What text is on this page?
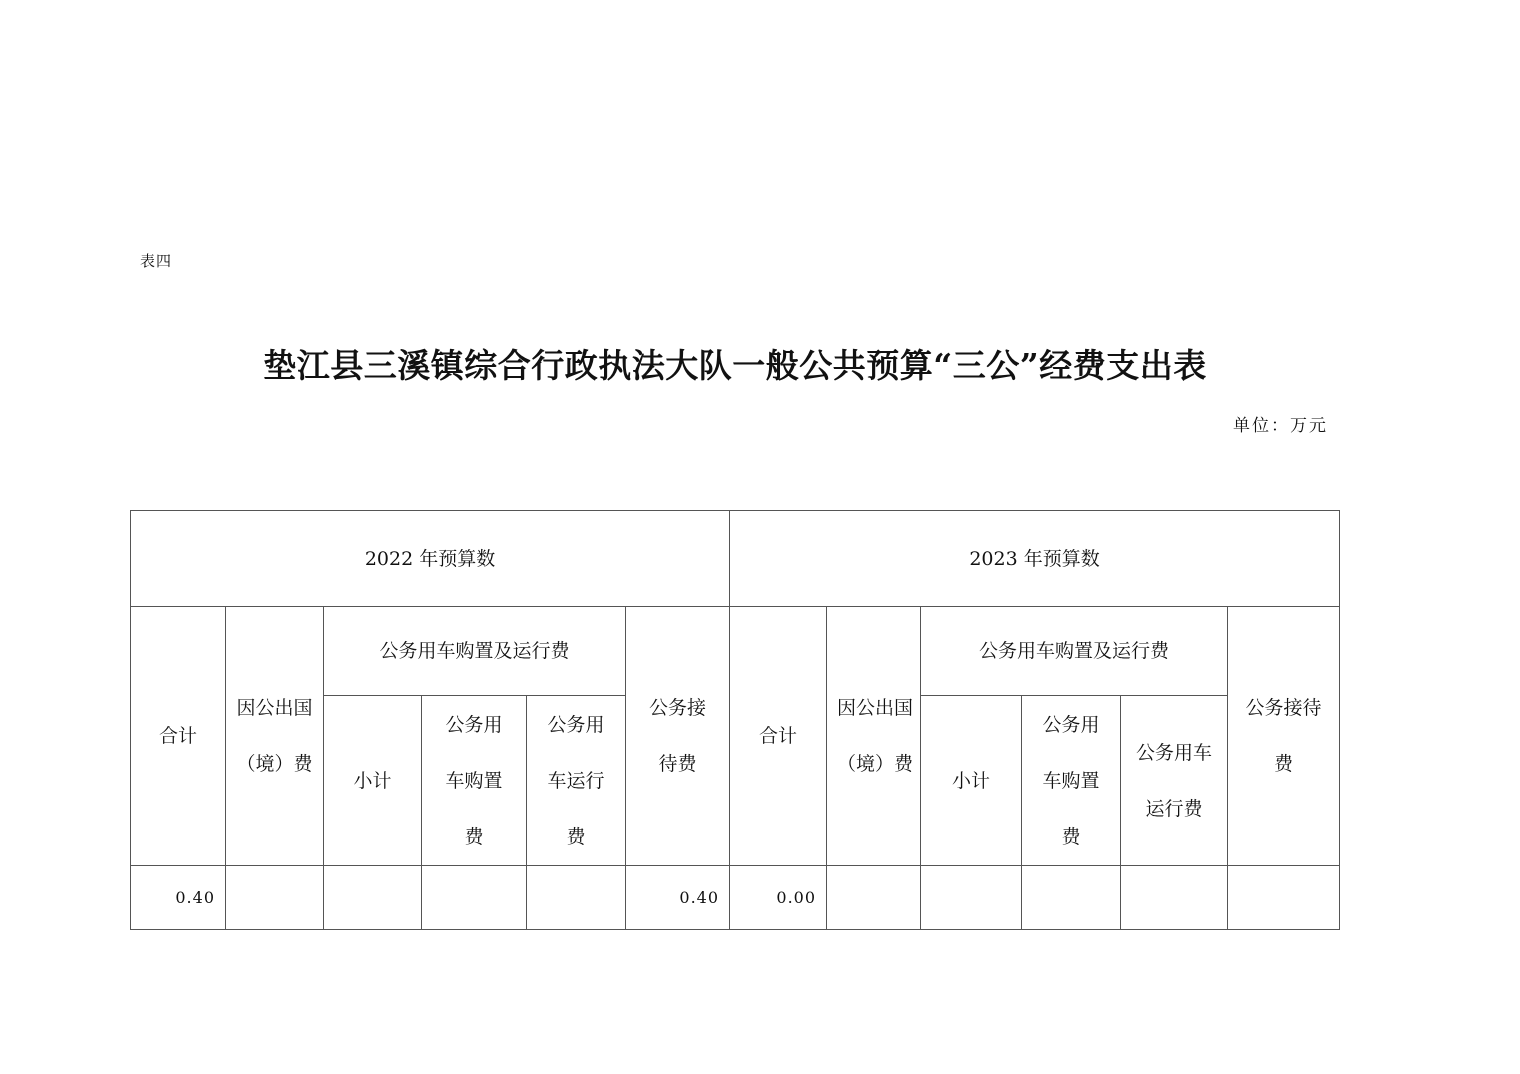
表四
垫江县三溪镇综合行政执法大队一般公共预算“三公”经费支出表
单位：万元
2022 年预算数						2023 年预算数					
合计	因公出国（境）费	公务用车购置及运行费			公务接待费	合计	因公出国（境）费	公务用车购置及运行费			公务接待费
		小计	公务用车购置费	公务用车运行费				小计	公务用车购置费	公务用车运行费	
0.40					0.40	0.00					
